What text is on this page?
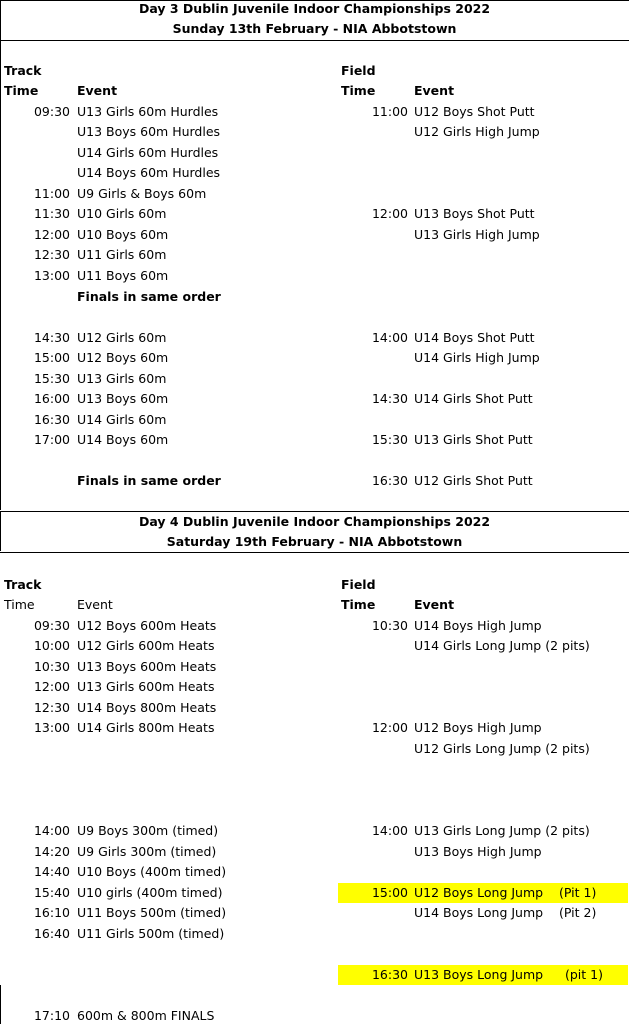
Day 3 Dublin Juvenile Indoor Championships 2022
Sunday 13th February - NIA Abbotstown
Track
Time	Event
Field
Time	Event
09:30 U13 Girls 60m Hurdles
U13 Boys 60m Hurdles
U14 Girls 60m Hurdles
U14 Boys 60m Hurdles
11:00 U9 Girls & Boys 60m
11:30 U10 Girls 60m
12:00 U10 Boys 60m
12:30 U11 Girls 60m
13:00 U11 Boys 60m
Finals in same order
14:30 U12 Girls 60m
15:00 U12 Boys 60m
15:30 U13 Girls 60m
16:00 U13 Boys 60m
16:30 U14 Girls 60m
17:00 U14 Boys 60m
Finals in same order
11:00 U12 Boys Shot Putt
U12 Girls High Jump
12:00 U13 Boys Shot Putt
U13 Girls High Jump
14:00 U14 Boys Shot Putt
U14 Girls High Jump
14:30 U14 Girls Shot Putt
15:30 U13 Girls Shot Putt
16:30 U12 Girls Shot Putt
Day 4 Dublin Juvenile Indoor Championships 2022
Saturday 19th February - NIA Abbotstown
Track
Time	Event
Field
Time	Event
09:30 U12 Boys 600m Heats
10:00 U12 Girls 600m Heats
10:30 U13 Boys 600m Heats
12:00 U13 Girls 600m Heats
12:30 U14 Boys 800m Heats
13:00 U14 Girls 800m Heats
14:00 U9 Boys 300m (timed)
14:20 U9 Girls 300m (timed)
14:40 U10 Boys (400m timed)
15:40 U10 girls (400m timed)
16:10 U11 Boys 500m (timed)
16:40 U11 Girls 500m (timed)
17:10 600m & 800m FINALS
10:30 U14 Boys High Jump
U14 Girls Long Jump (2 pits)
12:00 U12 Boys High Jump
U12 Girls Long Jump (2 pits)
14:00 U13 Girls Long Jump (2 pits)
U13 Boys High Jump
15:00 U12 Boys Long Jump (Pit 1)
U14 Boys Long Jump (Pit 2)
16:30 U13 Boys Long Jump (pit 1)
